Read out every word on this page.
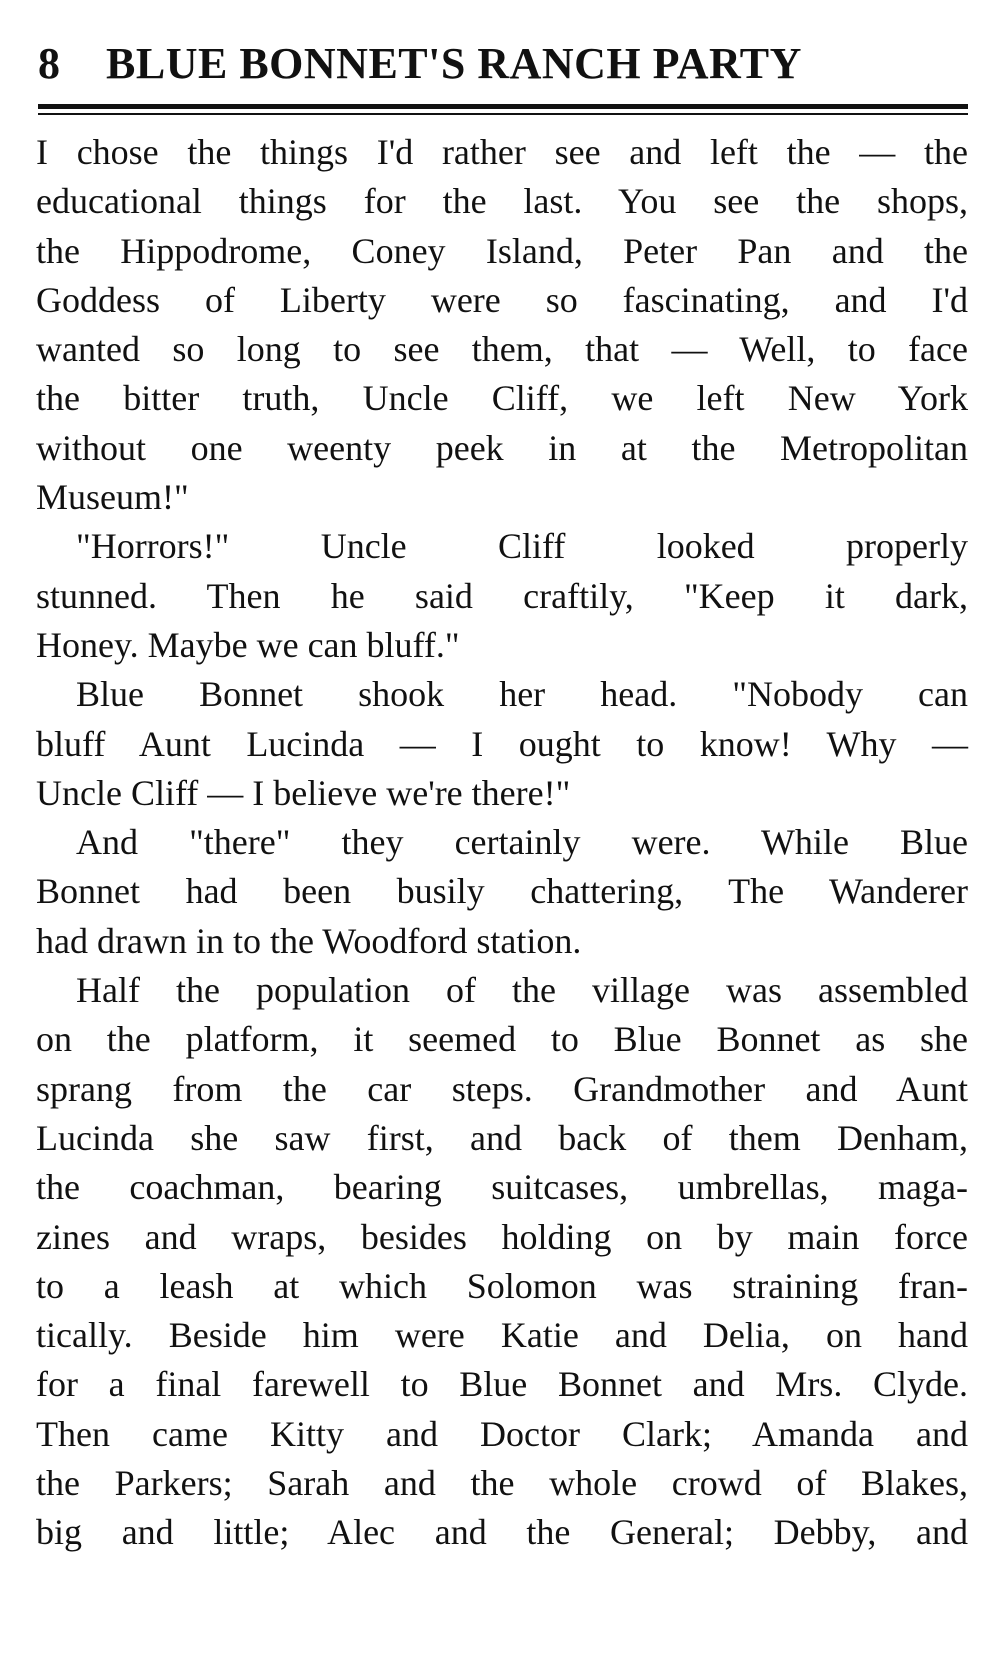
8 BLUE BONNET'S RANCH PARTY
I chose the things I'd rather see and left the — the
educational things for the last. You see the shops,
the Hippodrome, Coney Island, Peter Pan and the
Goddess of Liberty were so fascinating, and I'd
wanted so long to see them, that — Well, to face
the bitter truth, Uncle Cliff, we left New York
without one weenty peek in at the Metropolitan
Museum!"
"Horrors!" Uncle Cliff looked properly
stunned. Then he said craftily, "Keep it dark,
Honey. Maybe we can bluff."
Blue Bonnet shook her head. "Nobody can
bluff Aunt Lucinda — I ought to know! Why —
Uncle Cliff — I believe we're there!"
And "there" they certainly were. While Blue
Bonnet had been busily chattering, The Wanderer
had drawn in to the Woodford station.
Half the population of the village was assembled
on the platform, it seemed to Blue Bonnet as she
sprang from the car steps. Grandmother and Aunt
Lucinda she saw first, and back of them Denham,
the coachman, bearing suitcases, umbrellas, maga-
zines and wraps, besides holding on by main force
to a leash at which Solomon was straining fran-
tically. Beside him were Katie and Delia, on hand
for a final farewell to Blue Bonnet and Mrs. Clyde.
Then came Kitty and Doctor Clark; Amanda and
the Parkers; Sarah and the whole crowd of Blakes,
big and little; Alec and the General; Debby, and
